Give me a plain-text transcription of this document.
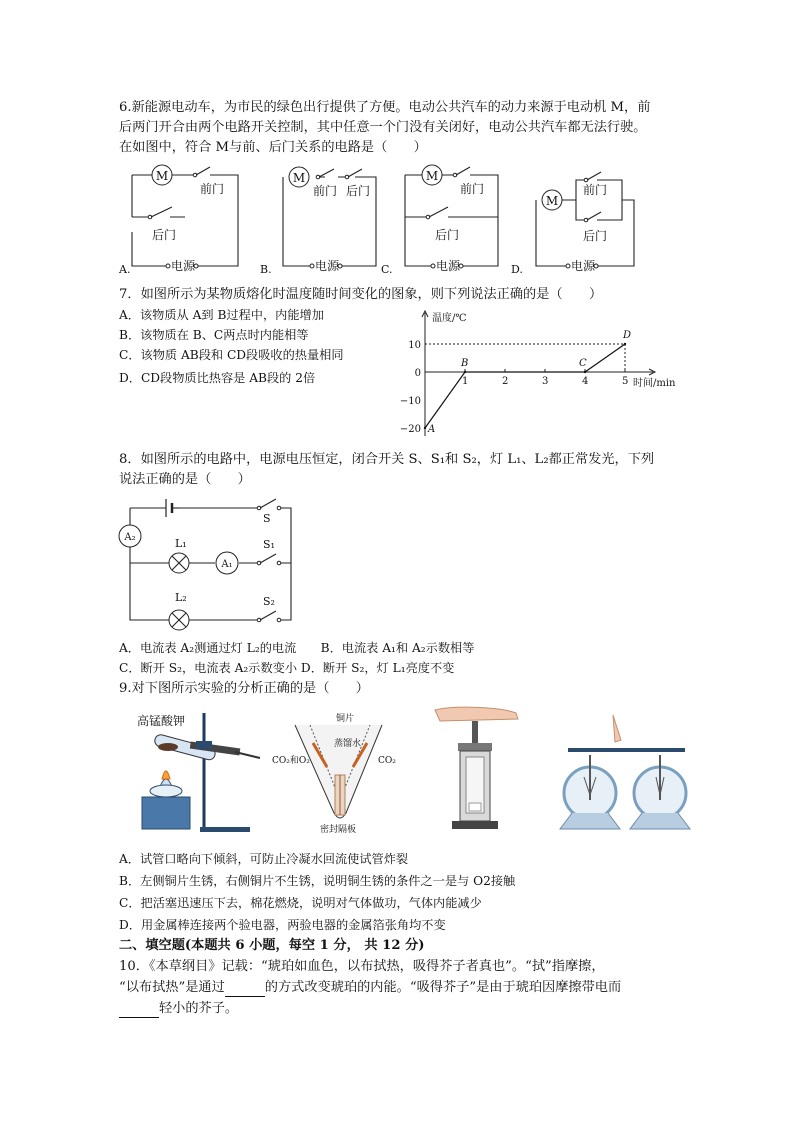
6.新能源电动车，为市民的绿色出行提供了方便。电动公共汽车的动力来源于电动机 M，前
后两门开合由两个电路开关控制，其中任意一个门没有关闭好，电动公共汽车都无法行驶。
在如图中，符合 M与前、后门关系的电路是（　　）
M
前门
后门
电源
A.
M
前门 后门
电源
B.
M
前门
后门
电源
C.
M
前门
后门
电源
D.
7．如图所示为某物质熔化时温度随时间变化的图象，则下列说法正确的是（　　）
A．该物质从 A到 B过程中，内能增加
B．该物质在 B、C两点时内能相等
C．该物质 AB段和 CD段吸收的热量相同
D．CD段物质比热容是 AB段的 2倍	1	2	3	4	5
10
0
−10
−20 A
B	C
D
温度/℃
时间/min
8．如图所示的电路中，电源电压恒定，闭合开关 S、S₁和 S₂，灯 L₁、L₂都正常发光，下列
说法正确的是（　　）
S
A₂	L₁
A₁
S₁
L₂	S₂
A．电流表 A₂测通过灯 L₂的电流　　B．电流表 A₁和 A₂示数相等
C．断开 S₂，电流表 A₂示数变小 D．断开 S₂，灯 L₁亮度不变
9.对下图所示实验的分析正确的是（　　）
高锰酸钾	铜片
蒸馏水
CO₂和O₂	CO₂
密封隔板
A．试管口略向下倾斜，可防止冷凝水回流使试管炸裂
B．左侧铜片生锈，右侧铜片不生锈，说明铜生锈的条件之一是与 O2接触
C．把活塞迅速压下去，棉花燃烧，说明对气体做功，气体内能减少
D．用金属棒连接两个验电器，两验电器的金属箔张角均不变
二、填空题(本题共 6 小题，每空 1 分， 共 12 分)
10．《本草纲目》记载：“琥珀如血色，以布拭热，吸得芥子者真也”。“拭”指摩擦，
“以布拭热”是通过	的方式改变琥珀的内能。“吸得芥子”是由于琥珀因摩擦带电而
轻小的芥子。
